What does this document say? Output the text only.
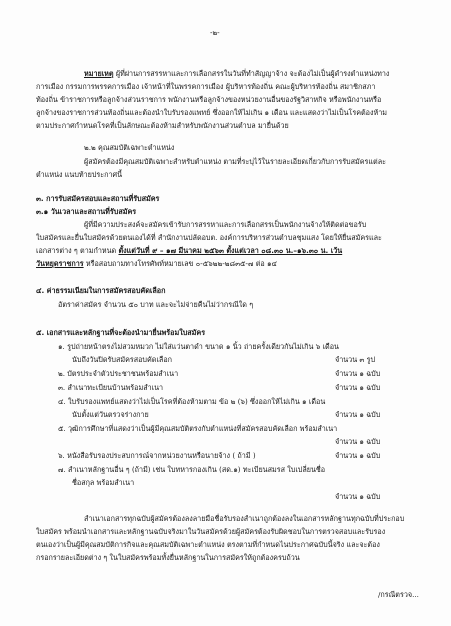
-๒-
หมายเหตุ ผู้ที่ผ่านการสรรหาและการเลือกสรรในวันที่ทำสัญญาจ้าง จะต้องไม่เป็นผู้ดำรงตำแหน่งทาง
การเมือง กรรมการพรรคการเมือง เจ้าหน้าที่ในพรรคการเมือง ผู้บริหารท้องถิ่น คณะผู้บริหารท้องถิ่น สมาชิกสภา
ท้องถิ่น ข้าราชการหรือลูกจ้างส่วนราชการ พนักงานหรือลูกจ้างของหน่วยงานอื่นของรัฐวิสาหกิจ หรือพนักงานหรือ
ลูกจ้างของราชการส่วนท้องถิ่นและต้องนำใบรับรองแพทย์ ซึ่งออกให้ไม่เกิน ๑ เดือน และแสดงว่าไม่เป็นโรคต้องห้าม
ตามประกาศกำหนดโรคที่เป็นลักษณะต้องห้ามสำหรับพนักงานส่วนตำบล มายื่นด้วย
๒.๒ คุณสมบัติเฉพาะตำแหน่ง
ผู้สมัครต้องมีคุณสมบัติเฉพาะสำหรับตำแหน่ง ตามที่ระบุไว้ในรายละเอียดเกี่ยวกับการรับสมัครแต่ละ
ตำแหน่ง แนบท้ายประกาศนี้
๓. การรับสมัครสอบและสถานที่รับสมัคร
๓.๑ วันเวลาและสถานที่รับสมัคร
ผู้ที่มีความประสงค์จะสมัครเข้ารับการสรรหาและการเลือกสรรเป็นพนักงานจ้างให้ติดต่อขอรับ
ใบสมัครและยื่นใบสมัครด้วยตนเองได้ที่ สำนักงานปลัดอบต. องค์การบริหารส่วนตำบลชุมแสง โดยให้ยื่นสมัครและ
เอกสารต่าง ๆ ตามกำหนด ตั้งแต่วันที่ ๙ – ๑๗ มีนาคม ๒๕๖๓ ตั้งแต่เวลา ๐๘.๓๐ น.–๑๖.๓๐ น. เว้น
วันหยุดราชการ หรือสอบถามทางโทรศัพท์หมายเลข ๐-๕๖๒๒-๒๘๓๕-๗ ต่อ ๑๔
๔. ค่าธรรมเนียมในการสมัครสอบคัดเลือก
อัตราค่าสมัคร จำนวน ๕๐ บาท และจะไม่จ่ายคืนไม่ว่ากรณีใด ๆ
๕. เอกสารและหลักฐานที่จะต้องนำมายื่นพร้อมใบสมัคร
๑. รูปถ่ายหน้าตรงไม่สวมหมวก ไม่ใส่แว่นตาดำ ขนาด ๑ นิ้ว ถ่ายครั้งเดียวกันไม่เกิน ๖ เดือน
นับถึงวันปิดรับสมัครสอบคัดเลือก	จำนวน ๓ รูป
๒. บัตรประจำตัวประชาชนพร้อมสำเนา	จำนวน ๑ ฉบับ
๓. สำเนาทะเบียนบ้านพร้อมสำเนา	จำนวน ๑ ฉบับ
๔. ใบรับรองแพทย์แสดงว่าไม่เป็นโรคที่ต้องห้ามตาม ข้อ ๒ (๖) ซึ่งออกให้ไม่เกิน ๑ เดือน
นับตั้งแต่วันตรวจร่างกาย	จำนวน ๑ ฉบับ
๕. วุฒิการศึกษาที่แสดงว่าเป็นผู้มีคุณสมบัติตรงกับตำแหน่งที่สมัครสอบคัดเลือก พร้อมสำเนา
จำนวน ๑ ฉบับ
๖. หนังสือรับรองประสบการณ์จากหน่วยงานหรือนายจ้าง ( ถ้ามี )	จำนวน ๑ ฉบับ
๗. สำเนาหลักฐานอื่น ๆ (ถ้ามี) เช่น ใบทหารกองเกิน (สด.๑) ทะเบียนสมรส ใบเปลี่ยนชื่อ
ชื่อสกุล พร้อมสำเนา
จำนวน ๑ ฉบับ
สำเนาเอกสารทุกฉบับผู้สมัครต้องลงลายมือชื่อรับรองสำเนาถูกต้องลงในเอกสารหลักฐานทุกฉบับที่ประกอบ
ใบสมัคร พร้อมนำเอกสารและหลักฐานฉบับจริงมาในวันสมัครด้วยผู้สมัครต้องรับผิดชอบในการตรวจสอบและรับรอง
ตนเองว่าเป็นผู้มีคุณสมบัติการกิจและคุณสมบัติเฉพาะตำแหน่ง ตรงตามที่กำหนดไนประกาศฉบับนี้จริง และจะต้อง
กรอกรายละเอียดต่าง ๆ ในใบสมัครพร้อมทั้งยื่นหลักฐานในการสมัครให้ถูกต้องครบถ้วน
/กรณีตรวจ...
